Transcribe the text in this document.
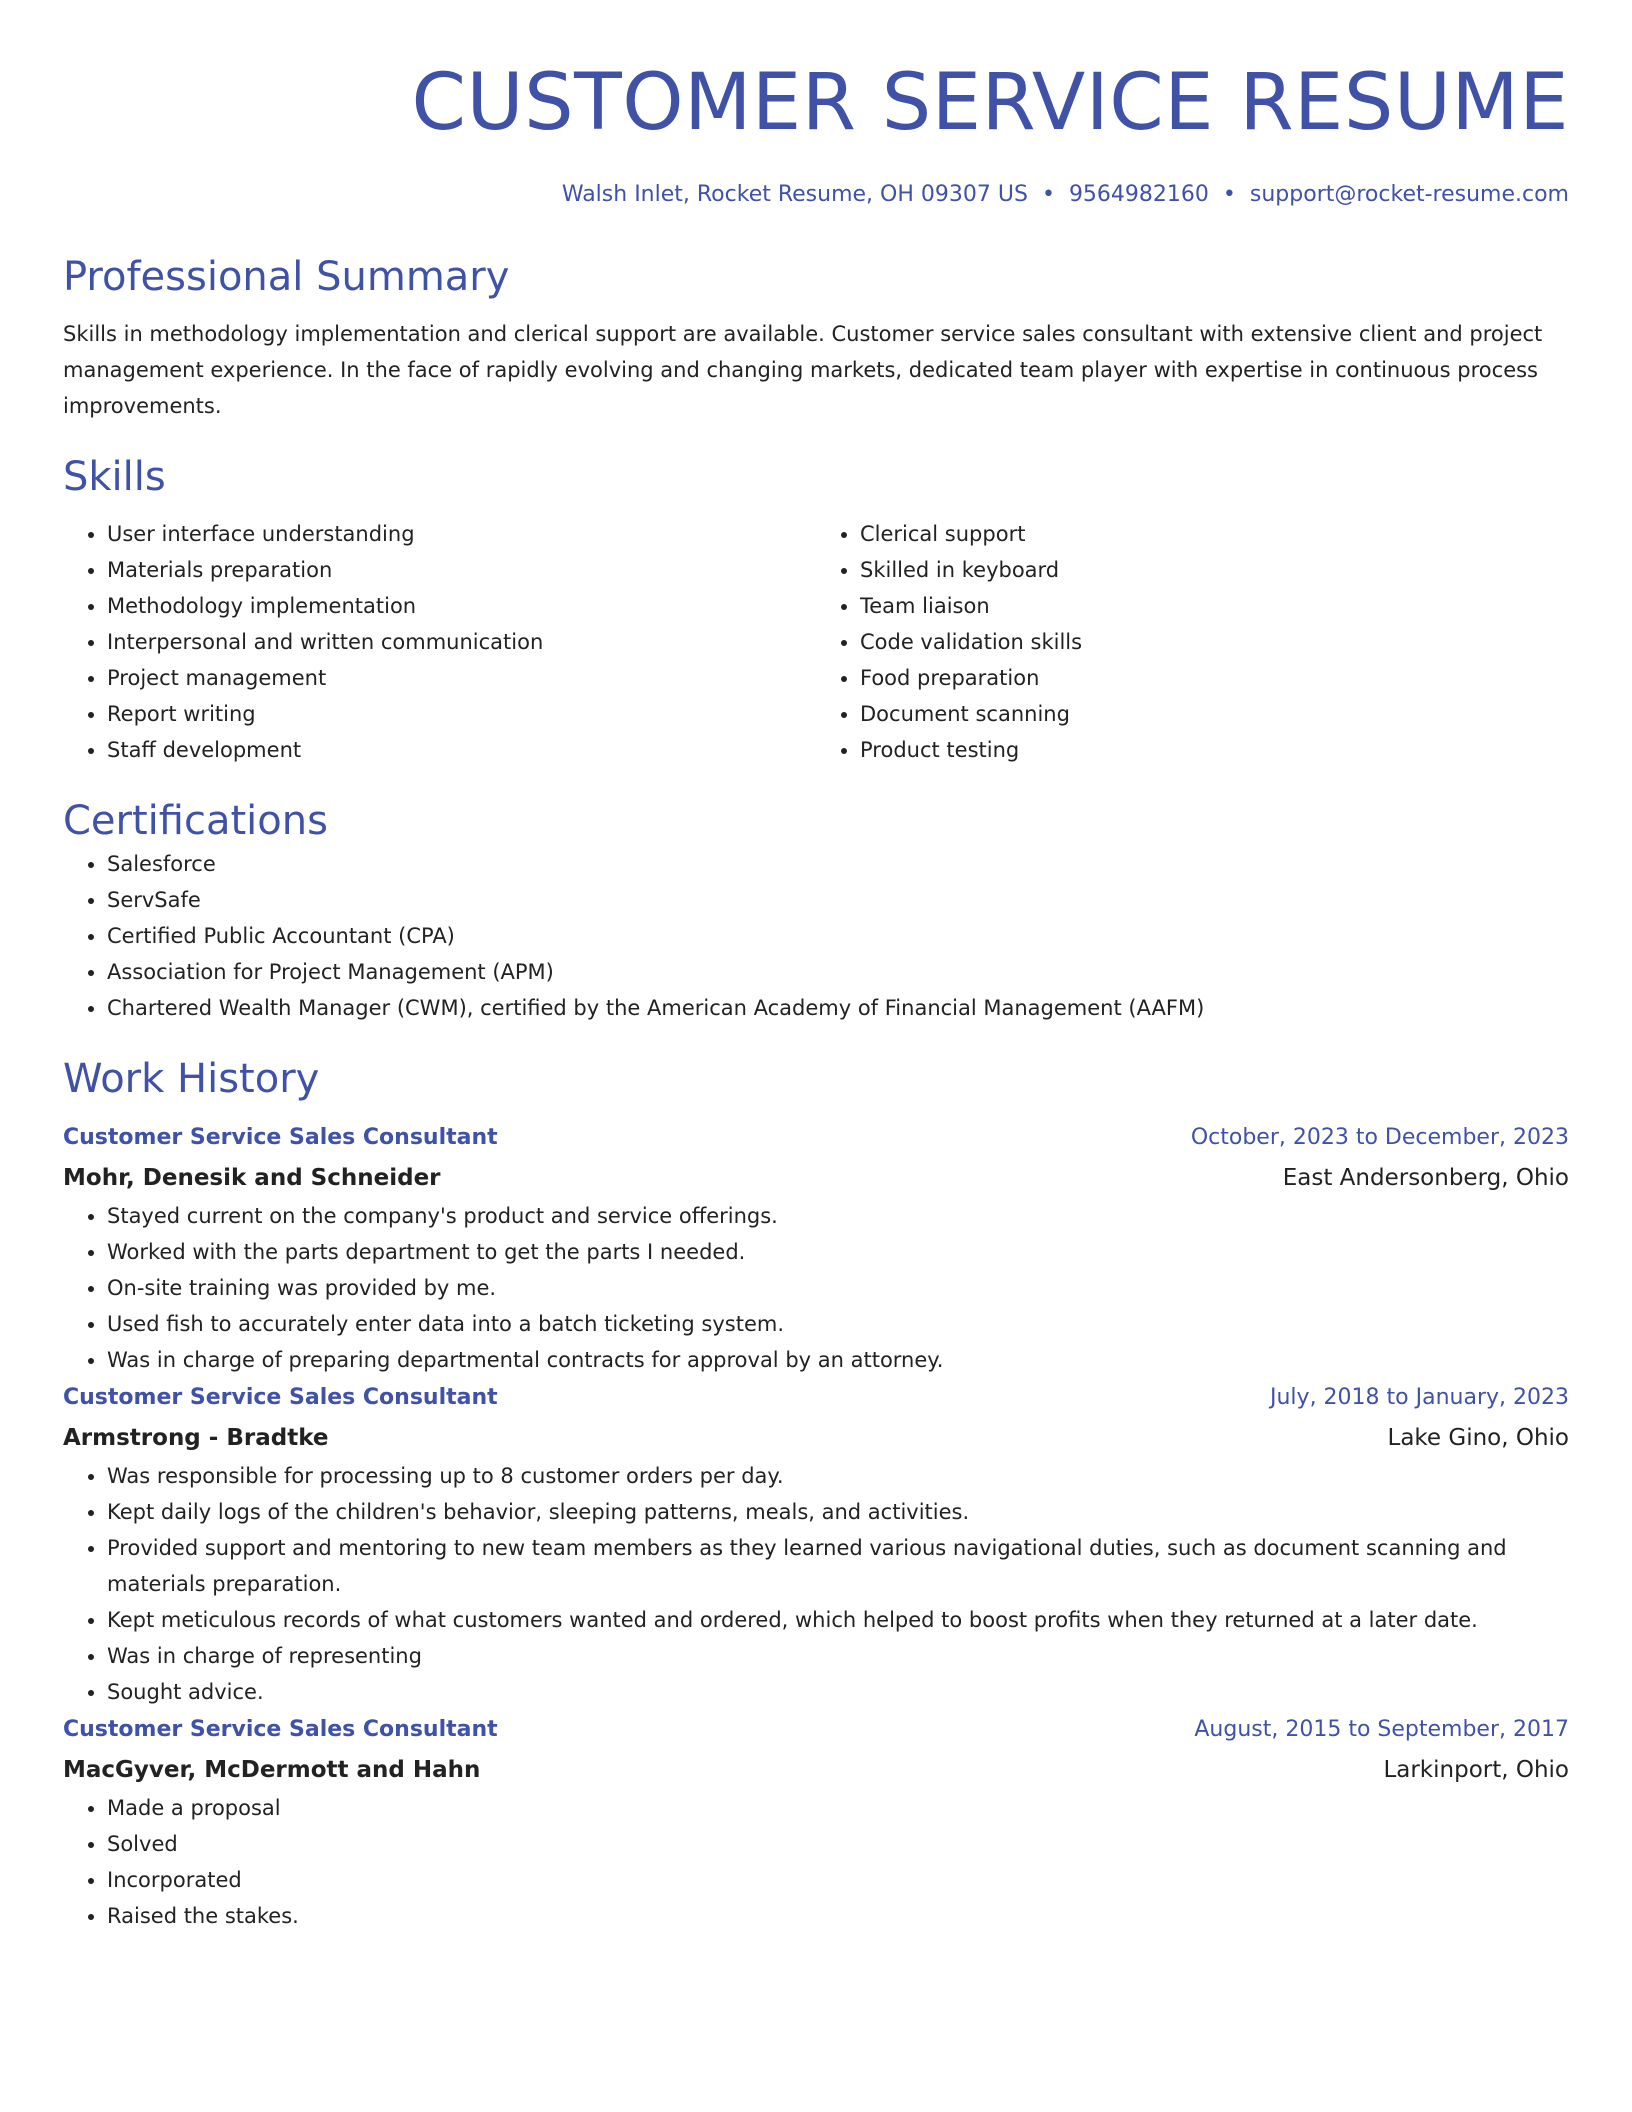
CUSTOMER SERVICE RESUME
Walsh Inlet, Rocket Resume, OH 09307 US • 9564982160 • support@rocket-resume.com
Professional Summary

Skills in methodology implementation and clerical support are available. Customer service sales consultant with extensive client and project management experience. In the face of rapidly evolving and changing markets, dedicated team player with expertise in continuous process improvements.

Skills
• User interface understanding
• Materials preparation
• Methodology implementation
• Interpersonal and written communication
• Project management
• Report writing
• Staff development
• Clerical support
• Skilled in keyboard
• Team liaison
• Code validation skills
• Food preparation
• Document scanning
• Product testing
Certifications
• Salesforce
• ServSafe
• Certified Public Accountant (CPA)
• Association for Project Management (APM)
• Chartered Wealth Manager (CWM), certified by the American Academy of Financial Management (AAFM)
Work History
Customer Service Sales Consultant	October, 2023 to December, 2023
Mohr, Denesik and Schneider	East Andersonberg, Ohio
• Stayed current on the company's product and service offerings.
• Worked with the parts department to get the parts I needed.
• On-site training was provided by me.
• Used fish to accurately enter data into a batch ticketing system.
• Was in charge of preparing departmental contracts for approval by an attorney.
Customer Service Sales Consultant	July, 2018 to January, 2023
Armstrong - Bradtke	Lake Gino, Ohio
• Was responsible for processing up to 8 customer orders per day.
• Kept daily logs of the children's behavior, sleeping patterns, meals, and activities.
• Provided support and mentoring to new team members as they learned various navigational duties, such as document scanning and materials preparation.
• Kept meticulous records of what customers wanted and ordered, which helped to boost profits when they returned at a later date.
• Was in charge of representing
• Sought advice.
Customer Service Sales Consultant	August, 2015 to September, 2017
MacGyver, McDermott and Hahn	Larkinport, Ohio
• Made a proposal
• Solved
• Incorporated
• Raised the stakes.
